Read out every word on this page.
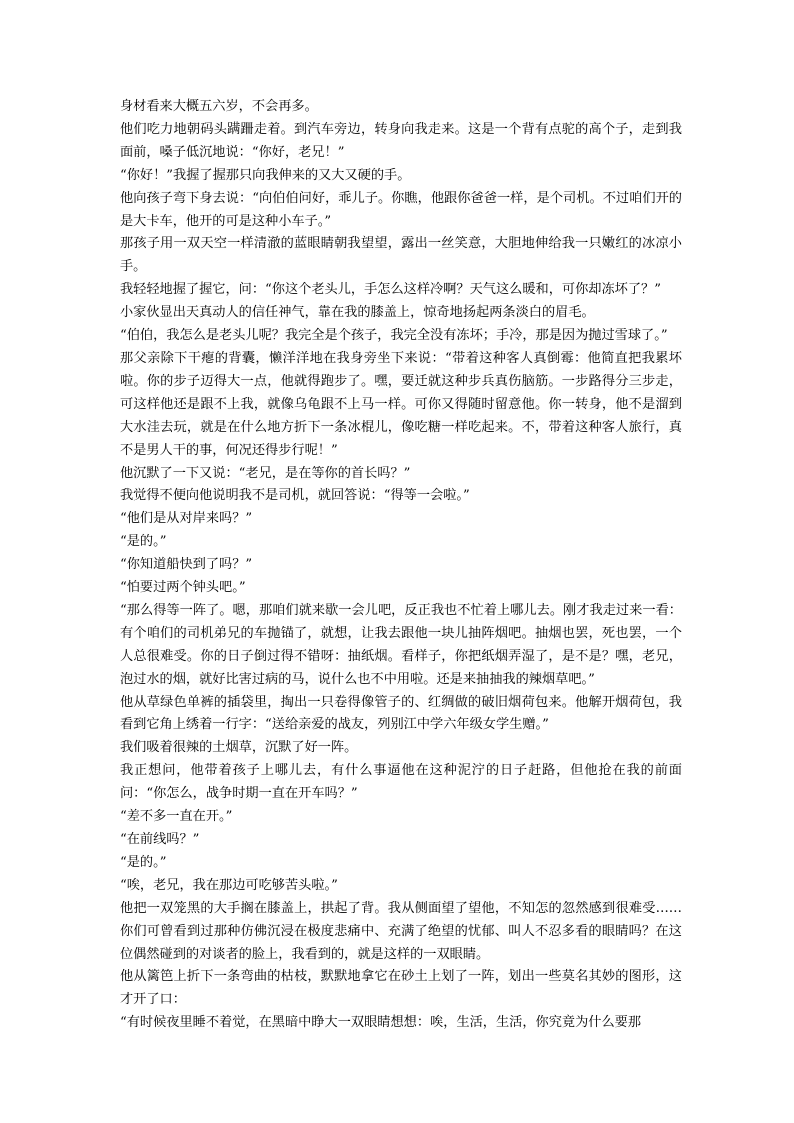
身材看来大概五六岁，不会再多。

他们吃力地朝码头蹒跚走着。到汽车旁边，转身向我走来。这是一个背有点驼的高个子，走到我面前，嗓子低沉地说：“你好，老兄！”

“你好！”我握了握那只向我伸来的又大又硬的手。

他向孩子弯下身去说：“向伯伯问好，乖儿子。你瞧，他跟你爸爸一样，是个司机。不过咱们开的是大卡车，他开的可是这种小车子。”

那孩子用一双天空一样清澈的蓝眼睛朝我望望，露出一丝笑意，大胆地伸给我一只嫩红的冰凉小手。

我轻轻地握了握它，问：“你这个老头儿，手怎么这样冷啊？天气这么暖和，可你却冻坏了？”

小家伙显出天真动人的信任神气，靠在我的膝盖上，惊奇地扬起两条淡白的眉毛。

“伯伯，我怎么是老头儿呢？我完全是个孩子，我完全没有冻坏；手冷，那是因为抛过雪球了。”

那父亲除下干瘪的背囊，懒洋洋地在我身旁坐下来说：“带着这种客人真倒霉：他简直把我累坏啦。你的步子迈得大一点，他就得跑步了。嘿，要迁就这种步兵真伤脑筋。一步路得分三步走，可这样他还是跟不上我，就像乌龟跟不上马一样。可你又得随时留意他。你一转身，他不是溜到大水洼去玩，就是在什么地方折下一条冰棍儿，像吃糖一样吃起来。不，带着这种客人旅行，真不是男人干的事，何况还得步行呢！”

他沉默了一下又说：“老兄，是在等你的首长吗？”

我觉得不便向他说明我不是司机，就回答说：“得等一会啦。”

“他们是从对岸来吗？”

“是的。”

“你知道船快到了吗？”

“怕要过两个钟头吧。”

“那么得等一阵了。嗯，那咱们就来歇一会儿吧，反正我也不忙着上哪儿去。刚才我走过来一看：有个咱们的司机弟兄的车抛锚了，就想，让我去跟他一块儿抽阵烟吧。抽烟也罢，死也罢，一个人总很难受。你的日子倒过得不错呀：抽纸烟。看样子，你把纸烟弄湿了，是不是？嘿，老兄，泡过水的烟，就好比害过病的马，说什么也不中用啦。还是来抽抽我的辣烟草吧。”

他从草绿色单裤的插袋里，掏出一只卷得像管子的、红绸做的破旧烟荷包来。他解开烟荷包，我看到它角上绣着一行字：“送给亲爱的战友，列别江中学六年级女学生赠。”

我们吸着很辣的土烟草，沉默了好一阵。

我正想问，他带着孩子上哪儿去，有什么事逼他在这种泥泞的日子赶路，但他抢在我的前面问：“你怎么，战争时期一直在开车吗？”

“差不多一直在开。”

“在前线吗？”

“是的。”

“唉，老兄，我在那边可吃够苦头啦。”

他把一双笼黑的大手搁在膝盖上，拱起了背。我从侧面望了望他，不知怎的忽然感到很难受……你们可曾看到过那种仿佛沉浸在极度悲痛中、充满了绝望的忧郁、叫人不忍多看的眼睛吗？在这位偶然碰到的对谈者的脸上，我看到的，就是这样的一双眼睛。

他从篱笆上折下一条弯曲的枯枝，默默地拿它在砂土上划了一阵，划出一些莫名其妙的图形，这才开了口：

“有时候夜里睡不着觉，在黑暗中睁大一双眼睛想想：唉，生活，生活，你究竟为什么要那
